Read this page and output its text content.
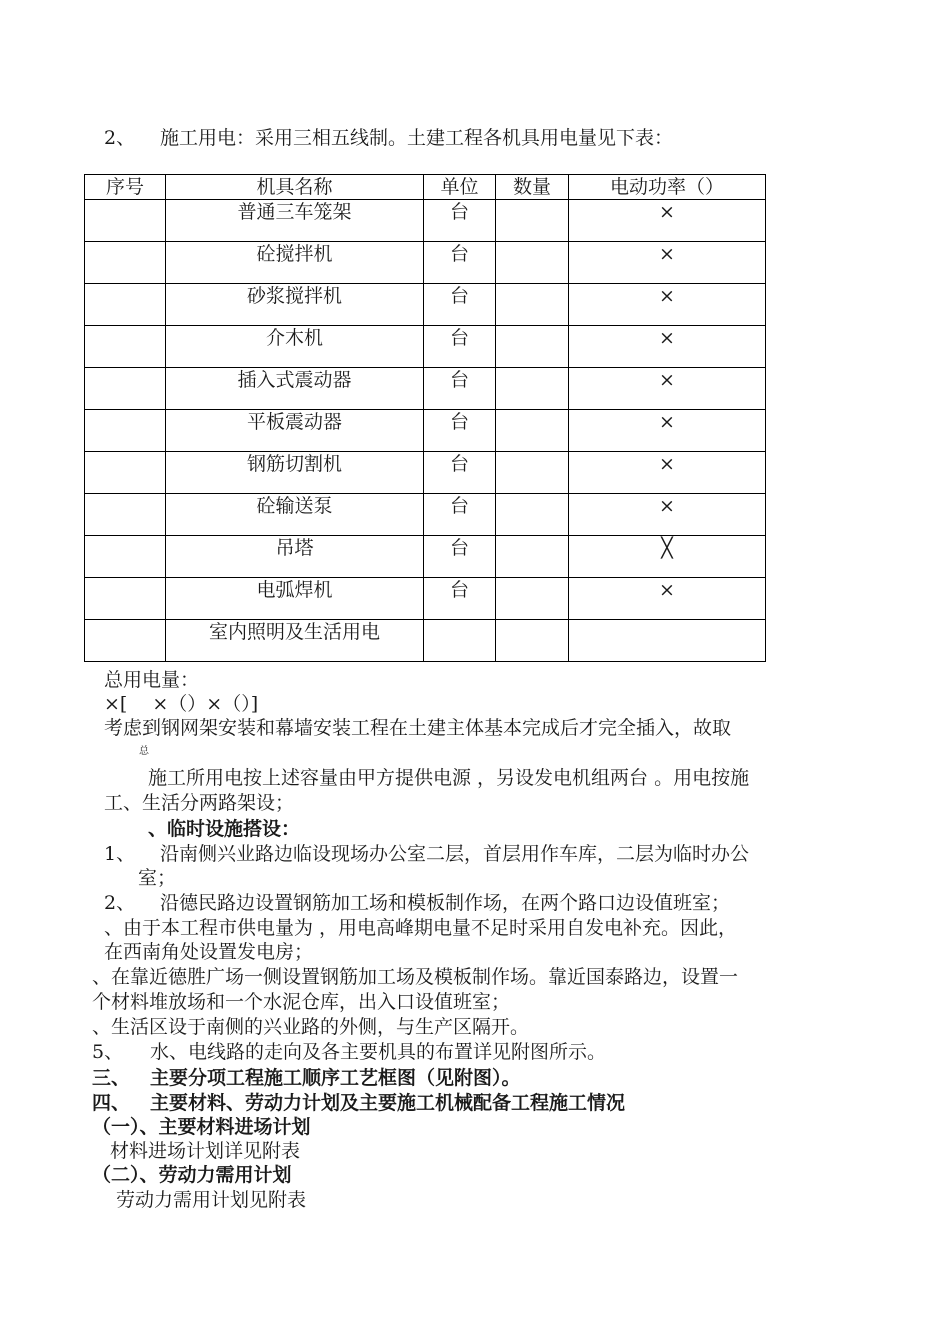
2、 施工用电：采用三相五线制。土建工程各机具用电量见下表：
序号	机具名称	单位	数量	电动功率（）
	普通三车笼架	台		×
	砼搅拌机	台		×
	砂浆搅拌机	台		×
	介木机	台		×
	插入式震动器	台		×
	平板震动器	台		×
	钢筋切割机	台		×
	砼输送泵	台		×
	吊塔	台		╳
	电弧焊机	台		×
	室内照明及生活用电			
总用电量：
×[　 ×（）×（）]
考虑到钢网架安装和幕墙安装工程在土建主体基本完成后才完全插入，故取
总
施工所用电按上述容量由甲方提供电源 ，另设发电机组两台 。用电按施
工、生活分两路架设；
、临时设施搭设：
1、 沿南侧兴业路边临设现场办公室二层，首层用作车库，二层为临时办公
室；
2、 沿德民路边设置钢筋加工场和模板制作场，在两个路口边设值班室；
、由于本工程市供电量为 ，用电高峰期电量不足时采用自发电补充。因此，
在西南角处设置发电房；
、在靠近德胜广场一侧设置钢筋加工场及模板制作场。靠近国泰路边，设置一
个材料堆放场和一个水泥仓库，出入口设值班室；
、生活区设于南侧的兴业路的外侧，与生产区隔开。
5、 水、电线路的走向及各主要机具的布置详见附图所示。
三、 主要分项工程施工顺序工艺框图（见附图）。
四、 主要材料、劳动力计划及主要施工机械配备工程施工情况
（一）、主要材料进场计划
材料进场计划详见附表
（二）、劳动力需用计划
劳动力需用计划见附表
